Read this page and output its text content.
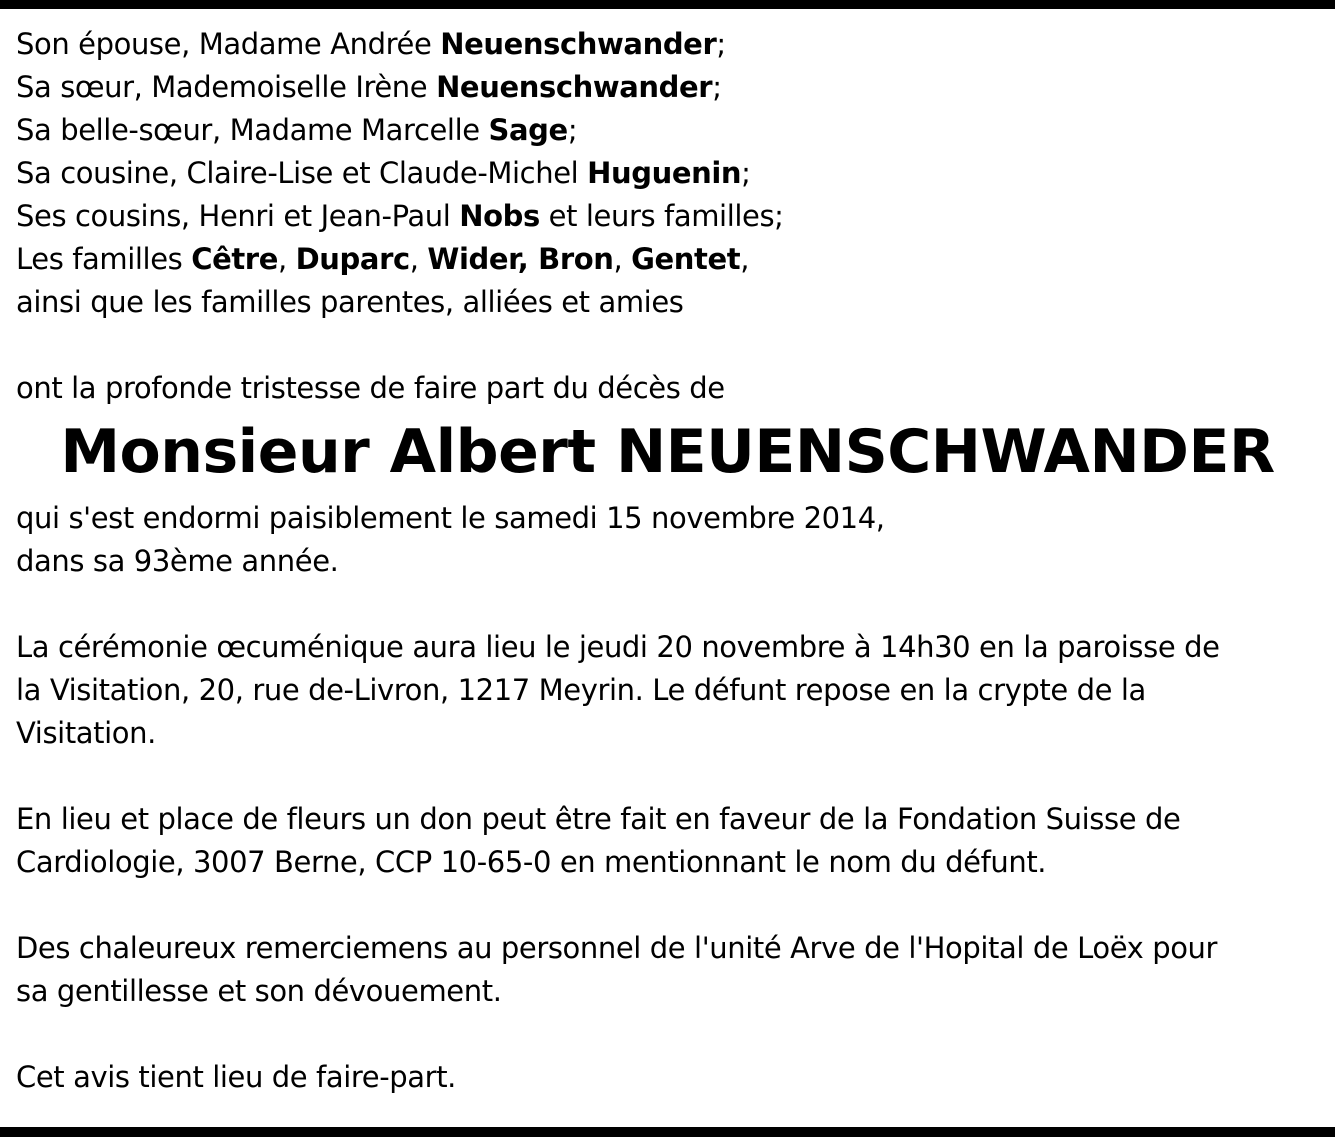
Son épouse, Madame Andrée Neuenschwander;
Sa sœur, Mademoiselle Irène Neuenschwander;
Sa belle-sœur, Madame Marcelle Sage;
Sa cousine, Claire-Lise et Claude-Michel Huguenin;
Ses cousins, Henri et Jean-Paul Nobs et leurs familles;
Les familles Cêtre, Duparc, Wider, Bron, Gentet,
ainsi que les familles parentes, alliées et amies
ont la profonde tristesse de faire part du décès de
Monsieur Albert NEUENSCHWANDER
qui s'est endormi paisiblement le samedi 15 novembre 2014,
dans sa 93ème année.
La cérémonie œcuménique aura lieu le jeudi 20 novembre à 14h30 en la paroisse de
la Visitation, 20, rue de-Livron, 1217 Meyrin. Le défunt repose en la crypte de la
Visitation.
En lieu et place de fleurs un don peut être fait en faveur de la Fondation Suisse de
Cardiologie, 3007 Berne, CCP 10-65-0 en mentionnant le nom du défunt.
Des chaleureux remerciemens au personnel de l'unité Arve de l'Hopital de Loëx pour
sa gentillesse et son dévouement.
Cet avis tient lieu de faire-part.
